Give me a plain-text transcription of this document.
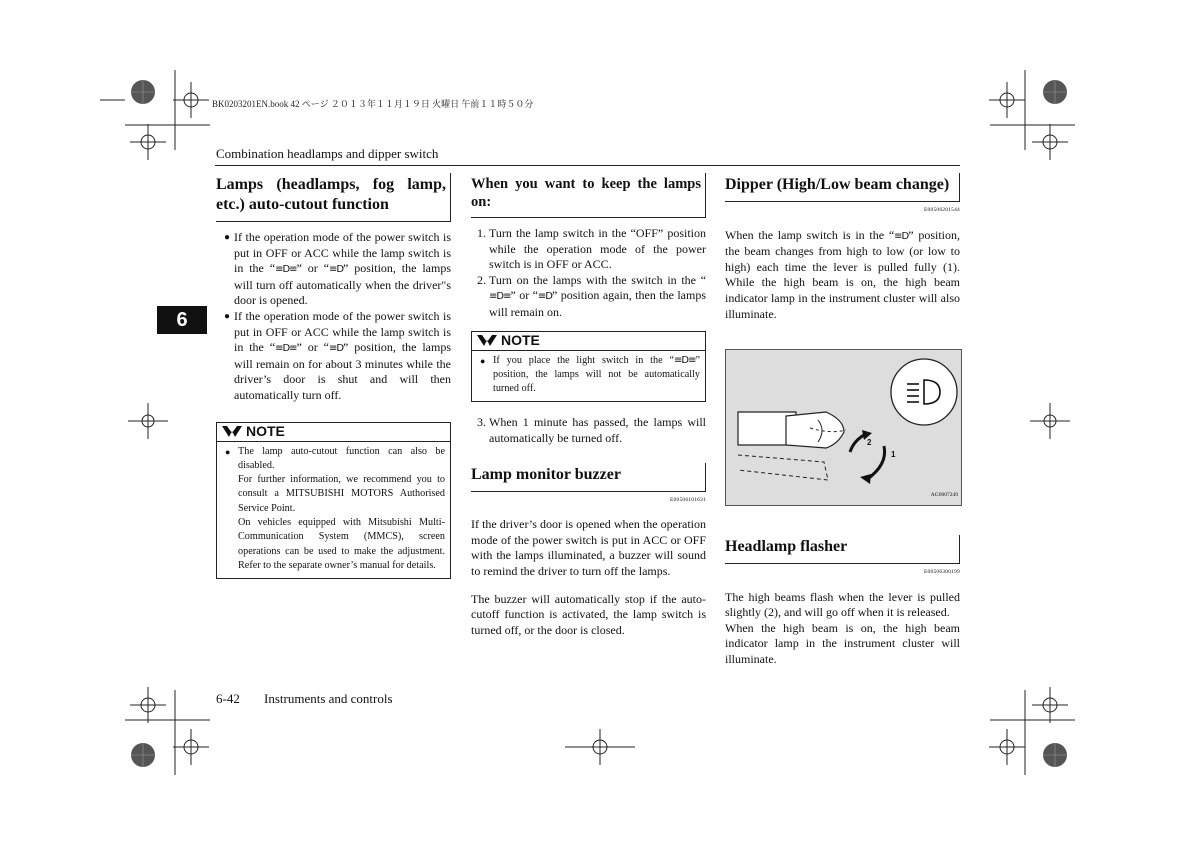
BK0203201EN.book 42 ページ ２０１３年１１月１９日 火曜日 午前１１時５０分
Combination headlamps and dipper switch
6
Lamps (headlamps, fog lamp, etc.) auto-cutout function
● If the operation mode of the power switch is put in OFF or ACC while the lamp switch is in the “≡D≡” or “≡D” position, the lamps will turn off automatically when the driver"s door is opened.
● If the operation mode of the power switch is put in OFF or ACC while the lamp switch is in the “≡D≡” or “≡D” position, the lamps will remain on for about 3 minutes while the driver’s door is shut and will then automatically turn off.
NOTE
● The lamp auto-cutout function can also be disabled.
For further information, we recommend you to consult a MITSUBISHI MOTORS Authorised Service Point.
On vehicles equipped with Mitsubishi Multi-Communication System (MMCS), screen operations can be used to make the adjustment. Refer to the separate owner’s manual for details.
When you want to keep the lamps on:
1. Turn the lamp switch in the “OFF” position while the operation mode of the power switch is in OFF or ACC.
2. Turn on the lamps with the switch in the “≡D≡” or “≡D” position again, then the lamps will remain on.
NOTE
● If you place the light switch in the “≡D≡” position, the lamps will not be automatically turned off.
3. When 1 minute has passed, the lamps will automatically be turned off.
Lamp monitor buzzer
E00506101631

If the driver’s door is opened when the operation mode of the power switch is put in ACC or OFF with the lamps illuminated, a buzzer will sound to remind the driver to turn off the lamps.

The buzzer will automatically stop if the auto-cutoff function is activated, the lamp switch is turned off, or the door is closed.

Dipper (High/Low beam change)
E00506201544

When the lamp switch is in the “≡D” position, the beam changes from high to low (or low to high) each time the lever is pulled fully (1). While the high beam is on, the high beam indicator lamp in the instrument cluster will also illuminate.

2
1
AG0007249
Headlamp flasher
E00506300199

The high beams flash when the lever is pulled slightly (2), and will go off when it is released.

When the high beam is on, the high beam indicator lamp in the instrument cluster will illuminate.

6-42 Instruments and controls
